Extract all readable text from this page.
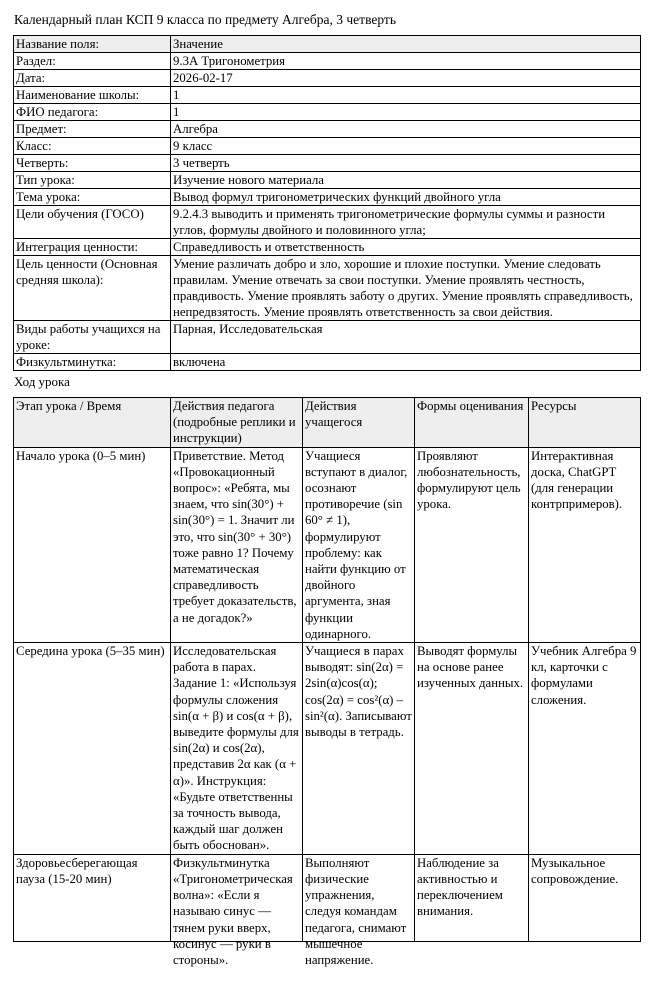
Календарный план КСП 9 класса по предмету Алгебра, 3 четверть
Название поля:	Значение
Раздел:	9.3А Тригонометрия
Дата:	2026-02-17
Наименование школы:	1
ФИО педагога:	1
Предмет:	Алгебра
Класс:	9 класс
Четверть:	3 четверть
Тип урока:	Изучение нового материала
Тема урока:	Вывод формул тригонометрических функций двойного угла
Цели обучения (ГОСО)	9.2.4.3 выводить и применять тригонометрические формулы суммы и разности углов, формулы двойного и половинного угла;
Интеграция ценности:	Справедливость и ответственность
Цель ценности (Основная средняя школа):	Умение различать добро и зло, хорошие и плохие поступки. Умение следовать правилам. Умение отвечать за свои поступки. Умение проявлять честность, правдивость. Умение проявлять заботу о других. Умение проявлять справедливость, непредвзятость. Умение проявлять ответственность за свои действия.
Виды работы учащихся на уроке:	Парная, Исследовательская
Физкультминутка:	включена
Ход урока
Этап урока / Время	Действия педагога (подробные реплики и инструкции)	Действия учащегося	Формы оценивания	Ресурсы
Начало урока (0–5 мин)	Приветствие. Метод «Провокационный вопрос»: «Ребята, мы знаем, что sin(30°) + sin(30°) = 1. Значит ли это, что sin(30° + 30°) тоже равно 1? Почему математическая справедливость требует доказательств, а не догадок?»	Учащиеся вступают в диалог, осознают противоречие (sin 60° ≠ 1), формулируют проблему: как найти функцию от двойного аргумента, зная функции одинарного.	Проявляют любознательность, формулируют цель урока.	Интерактивная доска, ChatGPT (для генерации контрпримеров).
Середина урока (5–35 мин)	Исследовательская работа в парах. Задание 1: «Используя формулы сложения sin(α + β) и cos(α + β), выведите формулы для sin(2α) и cos(2α), представив 2α как (α + α)». Инструкция: «Будьте ответственны за точность вывода, каждый шаг должен быть обоснован».	Учащиеся в парах выводят: sin(2α) = 2sin(α)cos(α); cos(2α) = cos²(α) – sin²(α). Записывают выводы в тетрадь.	Выводят формулы на основе ранее изученных данных.	Учебник Алгебра 9 кл, карточки с формулами сложения.

Здоровьесберегающая пауза (15-20 мин)	Физкультминутка «Тригонометрическая волна»: «Если я называю синус — тянем руки вверх, косинус — руки в стороны».	Выполняют физические упражнения, следуя командам педагога, снимают мышечное напряжение.	Наблюдение за активностью и переключением внимания.	Музыкальное сопровождение.
